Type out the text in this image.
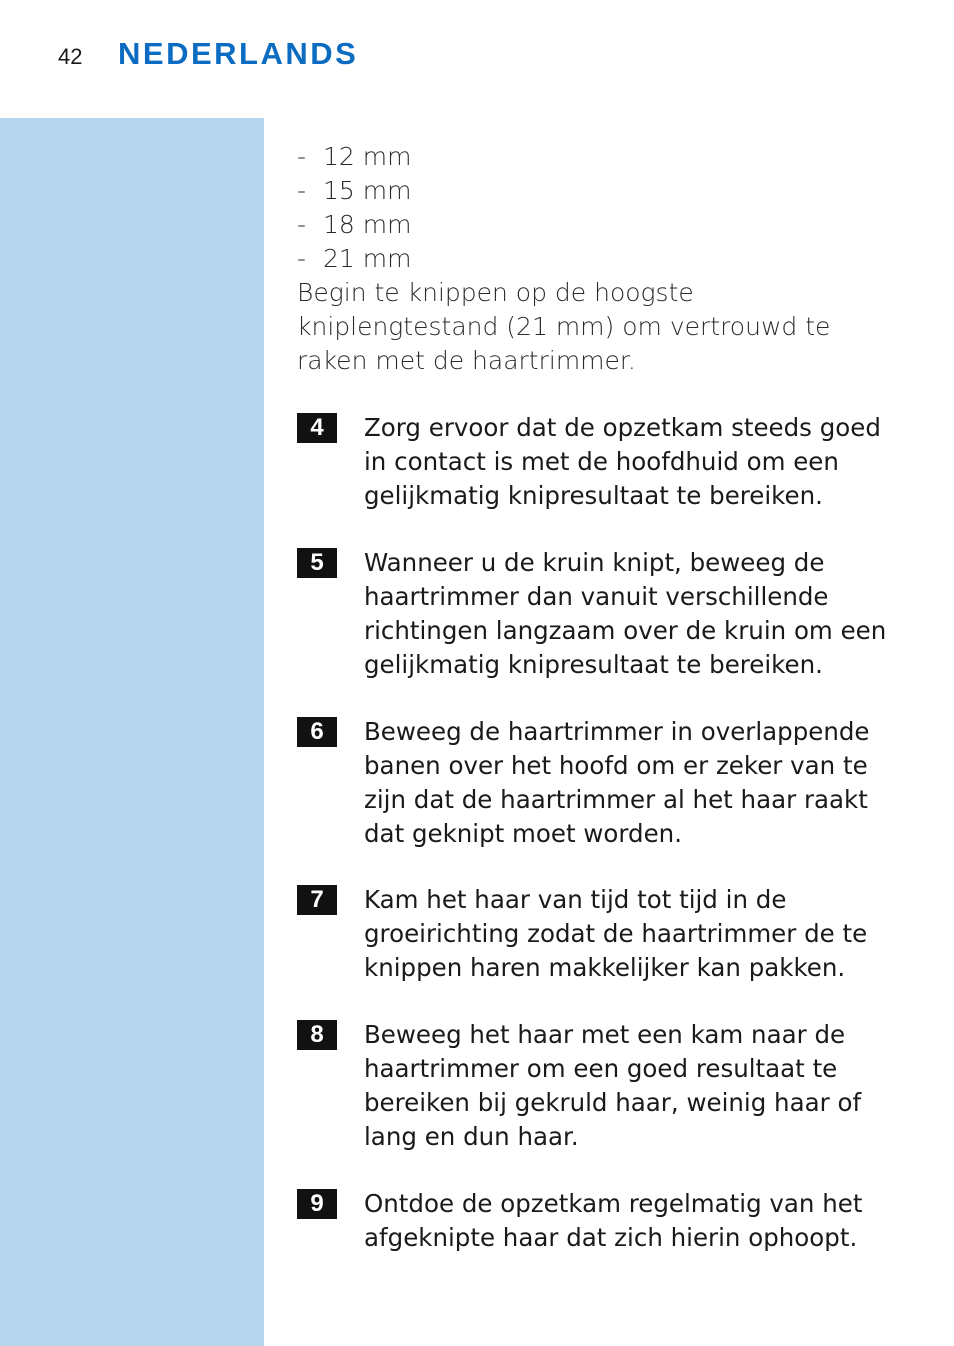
42 NEDERLANDS
- 12 mm
- 15 mm
- 18 mm
- 21 mm

Begin te knippen op de hoogste kniplengtestand (21 mm) om vertrouwd te raken met de haartrimmer.

4	Zorg ervoor dat de opzetkam steeds goed in contact is met de hoofdhuid om een gelijkmatig knipresultaat te bereiken.
5	Wanneer u de kruin knipt, beweeg de haartrimmer dan vanuit verschillende richtingen langzaam over de kruin om een gelijkmatig knipresultaat te bereiken.
6	Beweeg de haartrimmer in overlappende banen over het hoofd om er zeker van te zijn dat de haartrimmer al het haar raakt dat geknipt moet worden.
7	Kam het haar van tijd tot tijd in de groeirichting zodat de haartrimmer de te knippen haren makkelijker kan pakken.
8	Beweeg het haar met een kam naar de haartrimmer om een goed resultaat te bereiken bij gekruld haar, weinig haar of lang en dun haar.
9	Ontdoe de opzetkam regelmatig van het afgeknipte haar dat zich hierin ophoopt.
